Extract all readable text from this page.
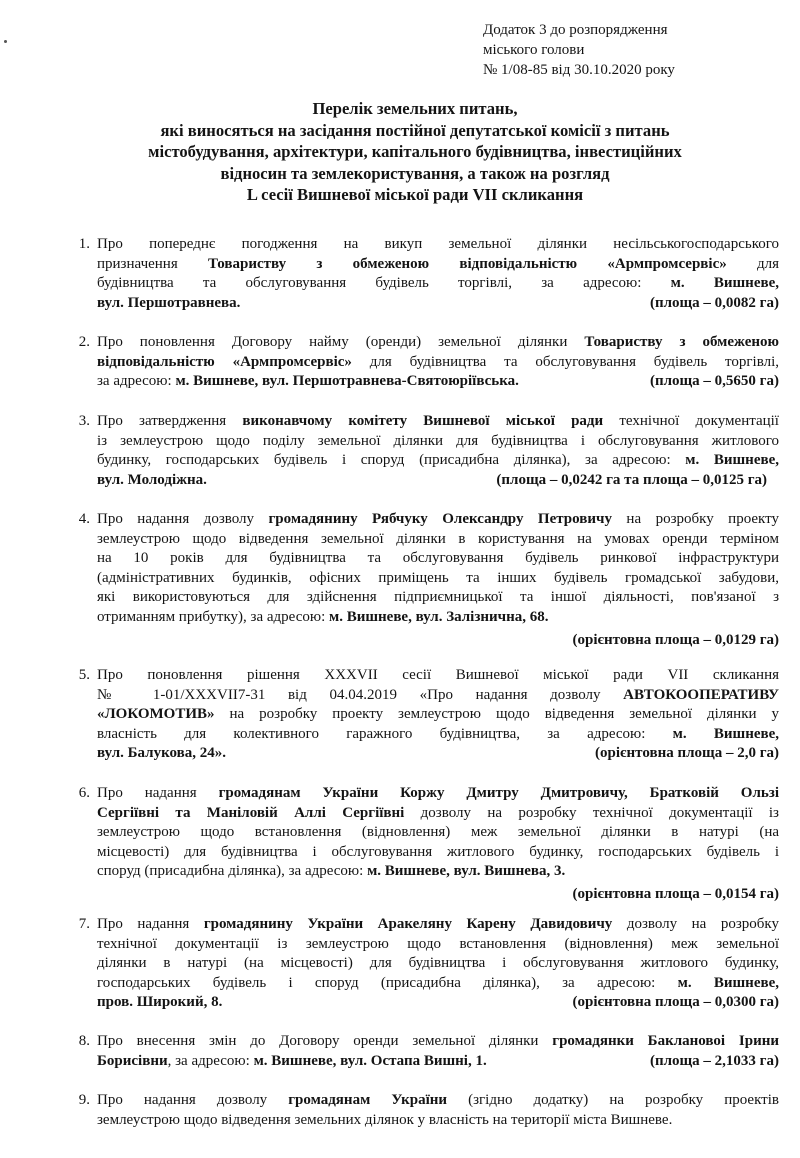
Додаток 3 до розпорядження
міського голови
№ 1/08-85 від 30.10.2020 року
Перелік земельних питань,
які виносяться на засідання постійної депутатської комісії з питань
містобудування, архітектури, капітального будівництва, інвестиційних
відносин та землекористування, а також на розгляд
L сесії Вишневої міської ради VII скликання
1. Про попереднє погодження на викуп земельної ділянки несільськогосподарського
призначення Товариству з обмеженою відповідальністю «Армпромсервіс» для
будівництва та обслуговування будівель торгівлі, за адресою: м. Вишневе,
вул. Першотравнева.	(площа – 0,0082 га)
2. Про поновлення Договору найму (оренди) земельної ділянки Товариству з обмеженою
відповідальністю «Армпромсервіс» для будівництва та обслуговування будівель торгівлі,
за адресою: м. Вишневе, вул. Першотравнева-Святоюріївська.	(площа – 0,5650 га)
3. Про затвердження виконавчому комітету Вишневої міської ради технічної документації
із землеустрою щодо поділу земельної ділянки для будівництва і обслуговування житлового
будинку, господарських будівель і споруд (присадибна ділянка), за адресою: м. Вишневе,
вул. Молодіжна.	(площа – 0,0242 га та площа – 0,0125 га)
4. Про надання дозволу громадянину Рябчуку Олександру Петровичу на розробку проекту
землеустрою щодо відведення земельної ділянки в користування на умовах оренди терміном
на 10 років для будівництва та обслуговування будівель ринкової інфраструктури
(адміністративних будинків, офісних приміщень та інших будівель громадської забудови,
які використовуються для здійснення підприємницької та іншої діяльності, пов'язаної з
отриманням прибутку), за адресою: м. Вишневе, вул. Залізнична, 68.
(орієнтовна площа – 0,0129 га)
5. Про поновлення рішення XXXVII сесії Вишневої міської ради VII скликання
№ 1-01/XXXVII7-31 від 04.04.2019 «Про надання дозволу АВТОКООПЕРАТИВУ
«ЛОКОМОТИВ» на розробку проекту землеустрою щодо відведення земельної ділянки у
власність для колективного гаражного будівництва, за адресою: м. Вишневе,
вул. Балукова, 24».	(орієнтовна площа – 2,0 га)
6. Про надання громадянам України Коржу Дмитру Дмитровичу, Братковій Ользі
Сергіївні та Маніловій Аллі Сергіївні дозволу на розробку технічної документації із
землеустрою щодо встановлення (відновлення) меж земельної ділянки в натурі (на
місцевості) для будівництва і обслуговування житлового будинку, господарських будівель і
споруд (присадибна ділянка), за адресою: м. Вишневе, вул. Вишнева, 3.
(орієнтовна площа – 0,0154 га)
7. Про надання громадянину України Аракеляну Карену Давидовичу дозволу на розробку
технічної документації із землеустрою щодо встановлення (відновлення) меж земельної
ділянки в натурі (на місцевості) для будівництва і обслуговування житлового будинку,
господарських будівель і споруд (присадибна ділянка), за адресою: м. Вишневе,
пров. Широкий, 8.	(орієнтовна площа – 0,0300 га)
8. Про внесення змін до Договору оренди земельної ділянки громадянки Баклановоі Ірини
Борисівни, за адресою: м. Вишневе, вул. Остапа Вишні, 1.	(площа – 2,1033 га)
9. Про надання дозволу громадянам України (згідно додатку) на розробку проектів
землеустрою щодо відведення земельних ділянок у власність на території міста Вишневе.
